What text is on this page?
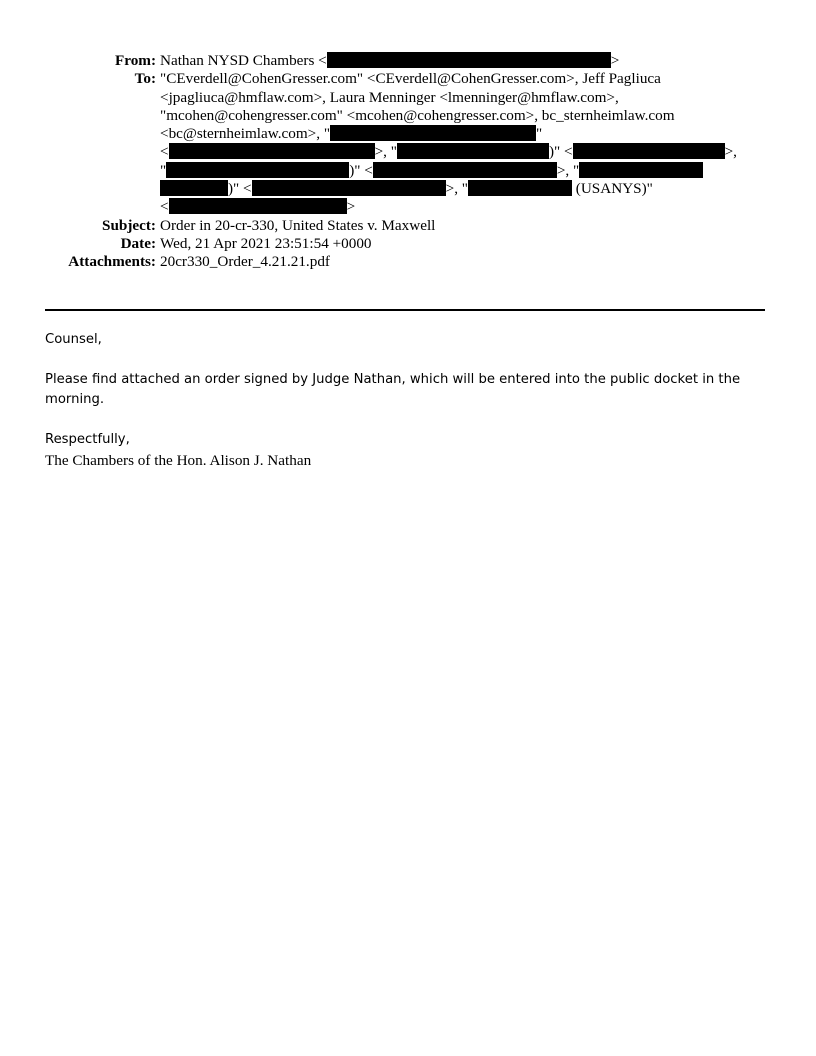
From: Nathan NYSD Chambers <	>
To: "CEverdell@CohenGresser.com" <CEverdell@CohenGresser.com>, Jeff Pagliuca
<jpagliuca@hmflaw.com>, Laura Menninger <lmenninger@hmflaw.com>,
"mcohen@cohengresser.com" <mcohen@cohengresser.com>, bc_sternheimlaw.com
<bc@sternheimlaw.com>, "	"
<	>, "	)" <	>,
"	)" <	>, "
)" <	>, "	(USANYS)"
<	>
Subject: Order in 20-cr-330, United States v. Maxwell
Date: Wed, 21 Apr 2021 23:51:54 +0000
Attachments: 20cr330_Order_4.21.21.pdf
Counsel,
Please find attached an order signed by Judge Nathan, which will be entered into the public docket in the morning.
Respectfully,
The Chambers of the Hon. Alison J. Nathan
